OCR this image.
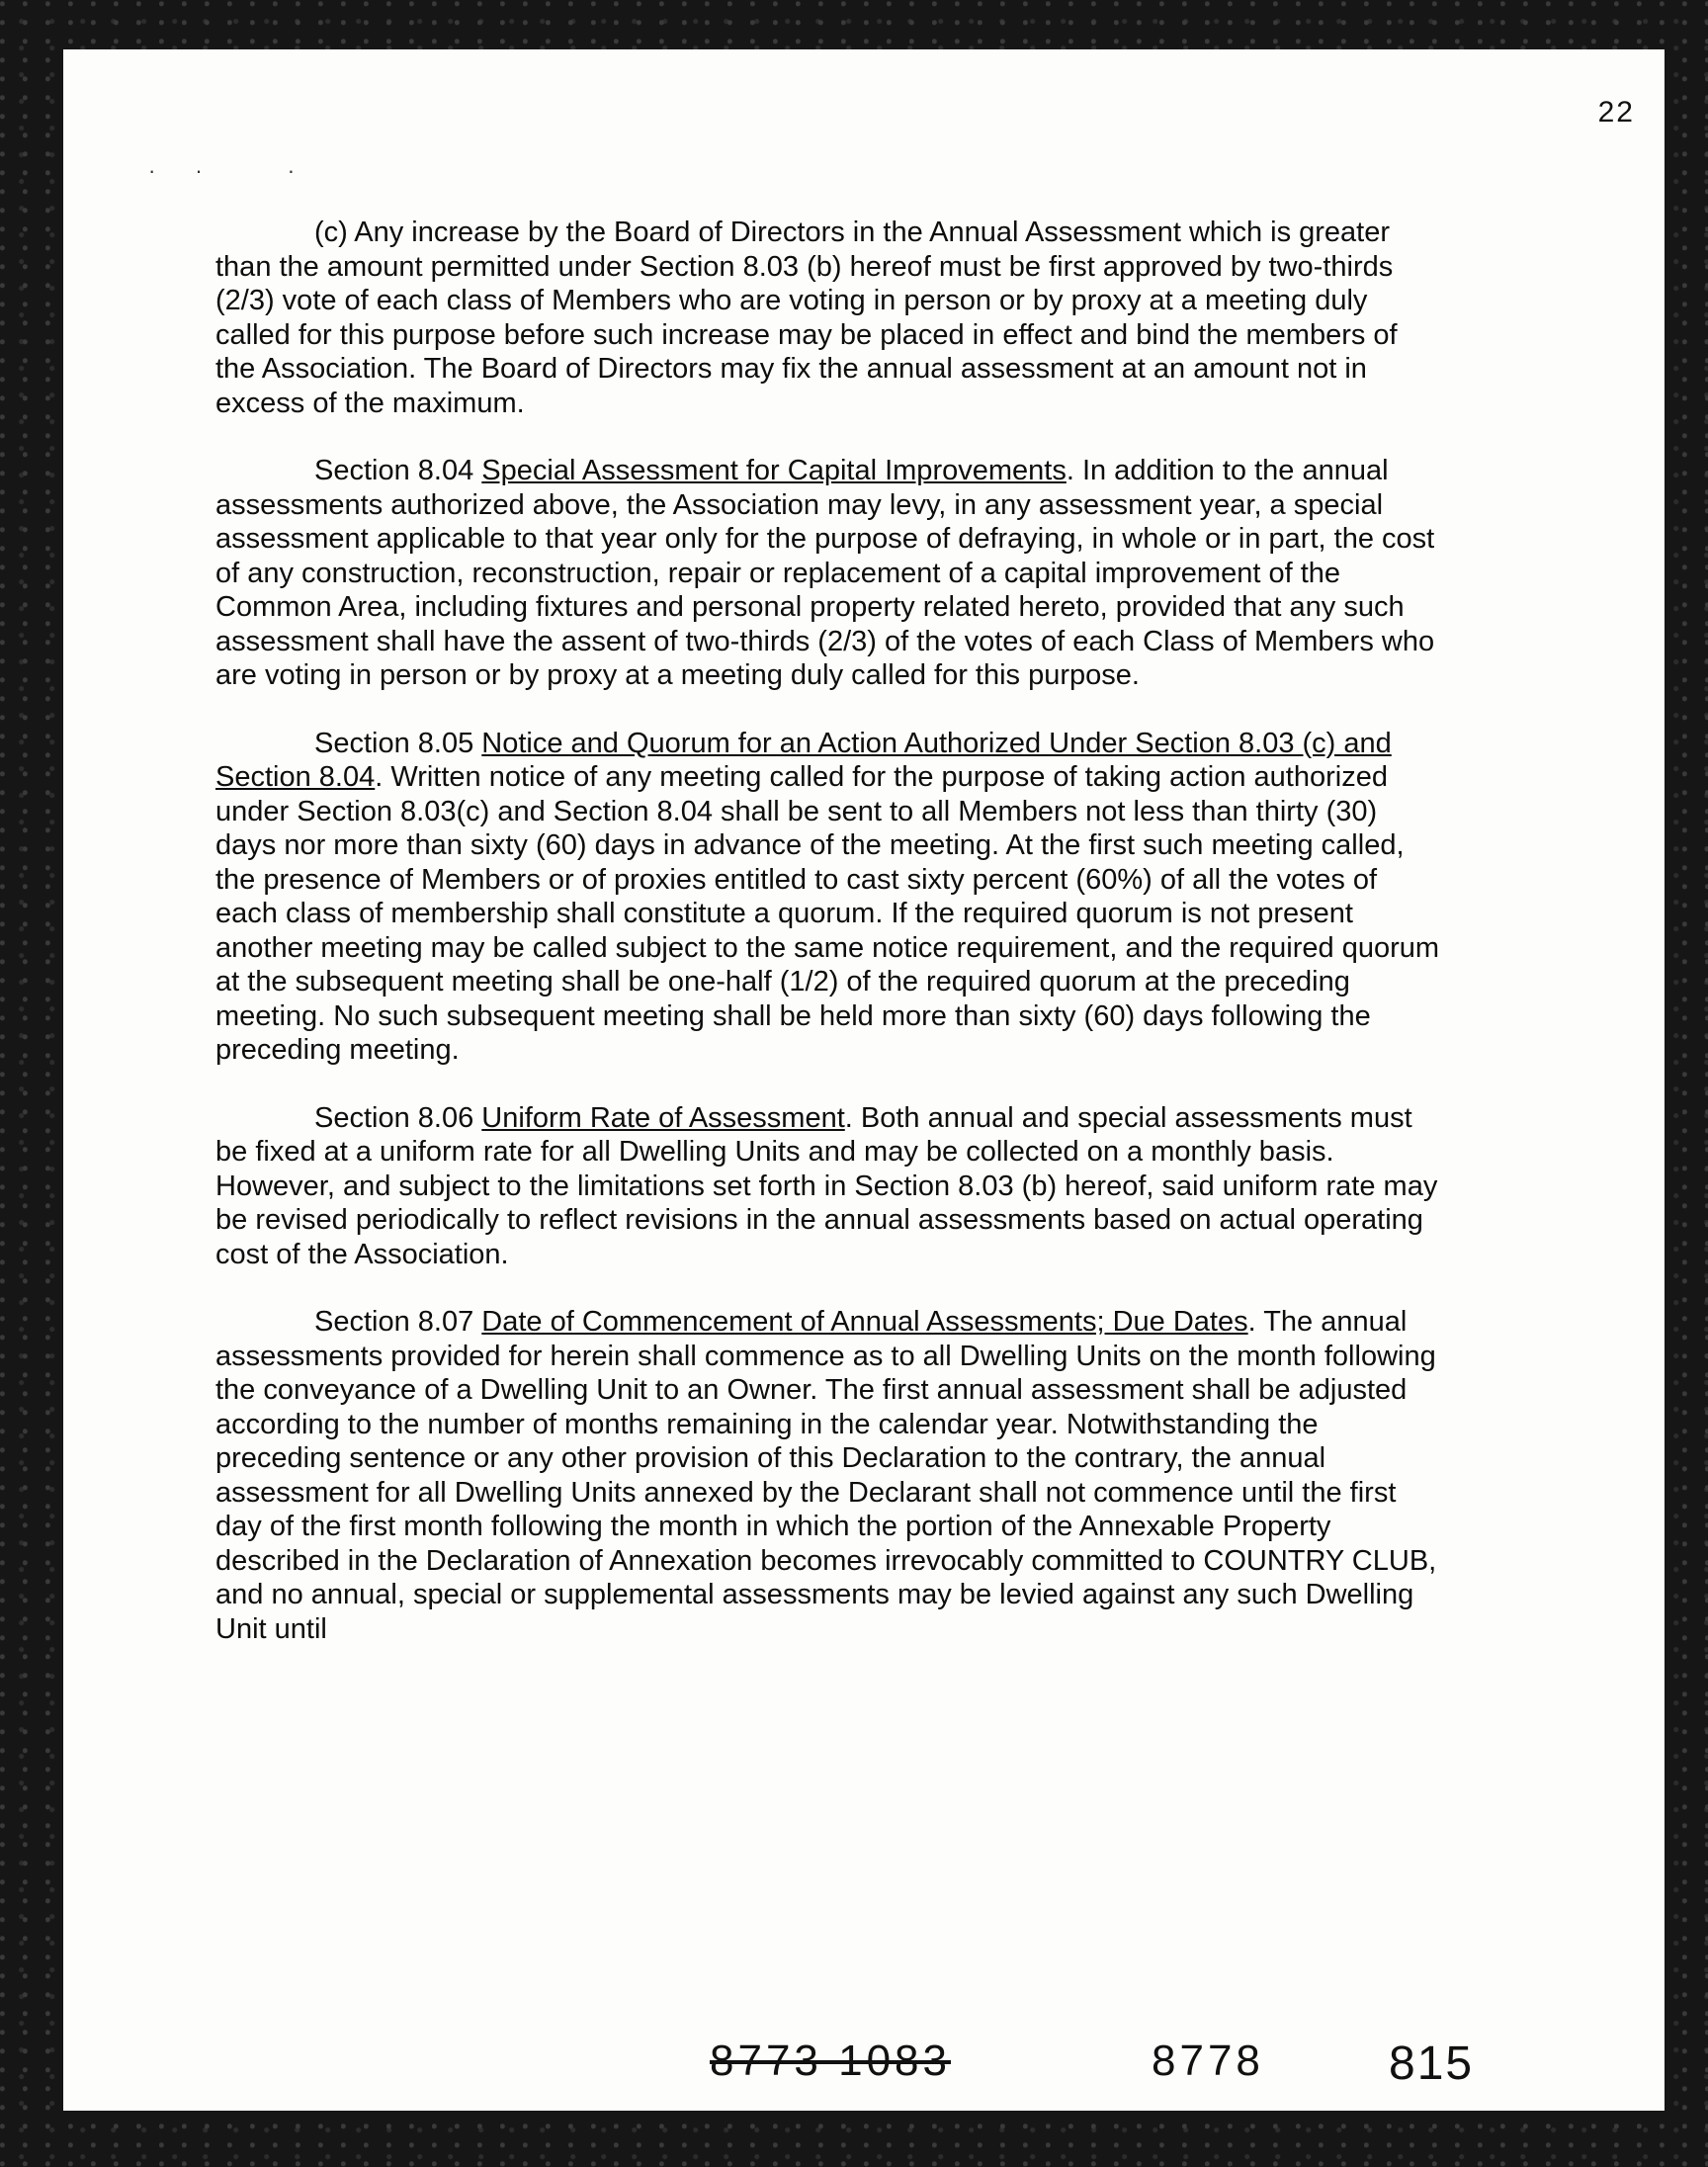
·· ·
22

(c) Any increase by the Board of Directors in the Annual Assessment which is greater than the amount permitted under Section 8.03 (b) hereof must be first approved by two-thirds (2/3) vote of each class of Members who are voting in person or by proxy at a meeting duly called for this purpose before such increase may be placed in effect and bind the members of the Association. The Board of Directors may fix the annual assessment at an amount not in excess of the maximum.

Section 8.04 Special Assessment for Capital Improvements. In addition to the annual assessments authorized above, the Association may levy, in any assessment year, a special assessment applicable to that year only for the purpose of defraying, in whole or in part, the cost of any construction, reconstruction, repair or replacement of a capital improvement of the Common Area, including fixtures and personal property related hereto, provided that any such assessment shall have the assent of two-thirds (2/3) of the votes of each Class of Members who are voting in person or by proxy at a meeting duly called for this purpose.

Section 8.05 Notice and Quorum for an Action Authorized Under Section 8.03 (c) and Section 8.04. Written notice of any meeting called for the purpose of taking action authorized under Section 8.03(c) and Section 8.04 shall be sent to all Members not less than thirty (30) days nor more than sixty (60) days in advance of the meeting. At the first such meeting called, the presence of Members or of proxies entitled to cast sixty percent (60%) of all the votes of each class of membership shall constitute a quorum. If the required quorum is not present another meeting may be called subject to the same notice requirement, and the required quorum at the subsequent meeting shall be one-half (1/2) of the required quorum at the preceding meeting. No such subsequent meeting shall be held more than sixty (60) days following the preceding meeting.

Section 8.06 Uniform Rate of Assessment. Both annual and special assessments must be fixed at a uniform rate for all Dwelling Units and may be collected on a monthly basis. However, and subject to the limitations set forth in Section 8.03 (b) hereof, said uniform rate may be revised periodically to reflect revisions in the annual assessments based on actual operating cost of the Association.

Section 8.07 Date of Commencement of Annual Assessments; Due Dates. The annual assessments provided for herein shall commence as to all Dwelling Units on the month following the conveyance of a Dwelling Unit to an Owner. The first annual assessment shall be adjusted according to the number of months remaining in the calendar year. Notwithstanding the preceding sentence or any other provision of this Declaration to the contrary, the annual assessment for all Dwelling Units annexed by the Declarant shall not commence until the first day of the first month following the month in which the portion of the Annexable Property described in the Declaration of Annexation becomes irrevocably committed to COUNTRY CLUB, and no annual, special or supplemental assessments may be levied against any such Dwelling Unit until

8773 1083	8778	815
